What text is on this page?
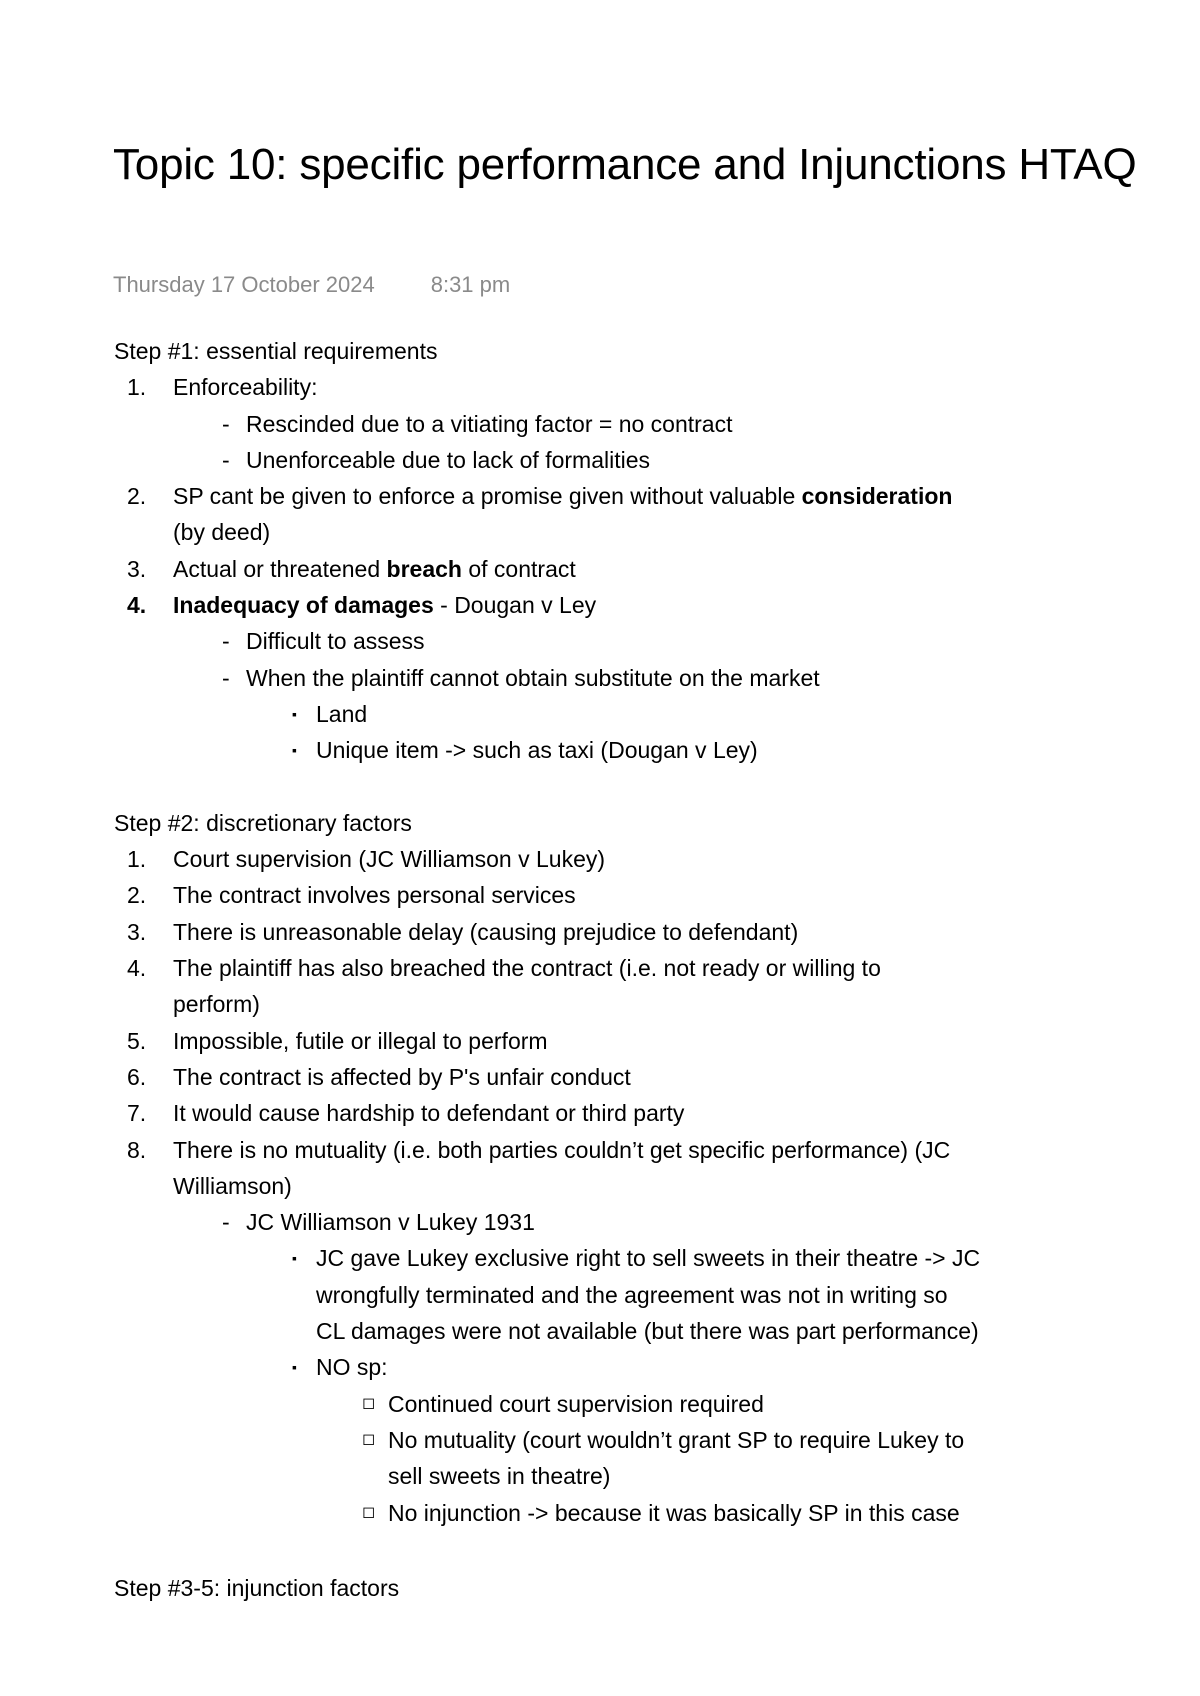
Topic 10: specific performance and Injunctions HTAQ
Thursday 17 October 2024	8:31 pm
Step #1: essential requirements
1. Enforceability:
- Rescinded due to a vitiating factor = no contract
- Unenforceable due to lack of formalities
2. SP cant be given to enforce a promise given without valuable consideration
(by deed)
3. Actual or threatened breach of contract
4. Inadequacy of damages - Dougan v Ley
- Difficult to assess
- When the plaintiff cannot obtain substitute on the market
▪ Land
▪ Unique item -> such as taxi (Dougan v Ley)
Step #2: discretionary factors
1. Court supervision (JC Williamson v Lukey)
2. The contract involves personal services
3. There is unreasonable delay (causing prejudice to defendant)
4. The plaintiff has also breached the contract (i.e. not ready or willing to
perform)
5. Impossible, futile or illegal to perform
6. The contract is affected by P's unfair conduct
7. It would cause hardship to defendant or third party
8. There is no mutuality (i.e. both parties couldn’t get specific performance) (JC
Williamson)
- JC Williamson v Lukey 1931
▪ JC gave Lukey exclusive right to sell sweets in their theatre -> JC
wrongfully terminated and the agreement was not in writing so
CL damages were not available (but there was part performance)
▪ NO sp:
◻ Continued court supervision required
◻ No mutuality (court wouldn’t grant SP to require Lukey to
sell sweets in theatre)
◻ No injunction -> because it was basically SP in this case
Step #3-5: injunction factors
